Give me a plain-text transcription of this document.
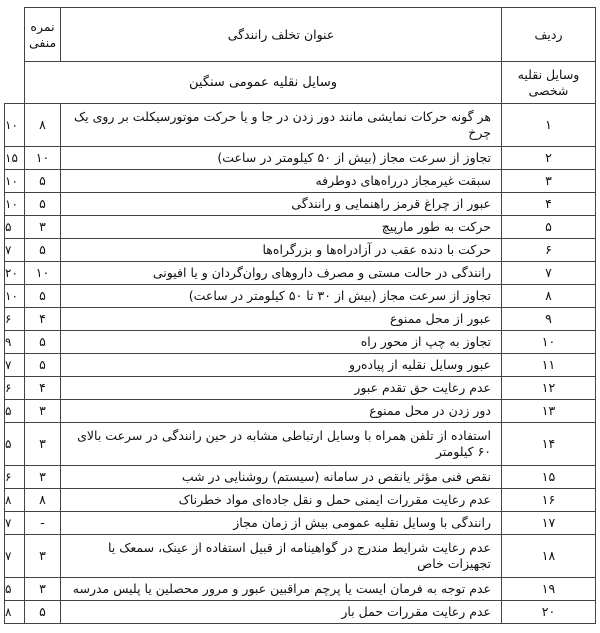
	نمره منفی	عنوان تخلف رانندگی	ردیف
	وسایل نقلیه عمومی سنگین		وسایل نقلیه شخصی
۱۰	۸	هر گونه حرکات نمایشی مانند دور زدن در جا و یا حرکت موتورسیکلت بر روی یک چرخ	۱
۱۵	۱۰	تجاوز از سرعت مجاز (بیش از ۵۰ کیلومتر در ساعت)	۲
۱۰	۵	سبقت غیرمجاز درراه‌های دوطرفه	۳
۱۰	۵	عبور از چراغ قرمز راهنمایی و رانندگی	۴
۵	۳	حرکت به طور مارپیچ	۵
۷	۵	حرکت با دنده عقب در آزادراه‌ها و بزرگراه‌ها	۶
۲۰	۱۰	رانندگی در حالت مستی و مصرف داروهای روان‌گردان و یا افیونی	۷
۱۰	۵	تجاوز از سرعت مجاز (بیش از ۳۰ تا ۵۰ کیلومتر در ساعت)	۸
۶	۴	عبور از محل ممنوع	۹
۹	۵	تجاوز به چپ از محور راه	۱۰
۷	۵	عبور وسایل نقلیه از پیاده‌رو	۱۱
۶	۴	عدم رعایت حق تقدم عبور	۱۲
۵	۳	دور زدن در محل ممنوع	۱۳
۵	۳	استفاده از تلفن همراه با وسایل ارتباطی مشابه در حین رانندگی در سرعت بالای ۶۰ کیلومتر	۱۴
۶	۳	نقص فنی مؤثر یانقص در سامانه (سیستم) روشنایی در شب	۱۵
۸	۸	عدم رعایت مقررات ایمنی حمل و نقل جاده‌ای مواد خطرناک	۱۶
۷	-	رانندگی با وسایل نقلیه عمومی بیش از زمان مجاز	۱۷
۷	۳	عدم رعایت شرایط مندرج در گواهینامه از قبیل استفاده از عینک، سمعک یا تجهیزات خاص	۱۸
۵	۳	عدم توجه به فرمان ایست یا پرچم مراقبین عبور و مرور محصلین یا پلیس مدرسه	۱۹
۸	۵	عدم رعایت مقررات حمل بار	۲۰
